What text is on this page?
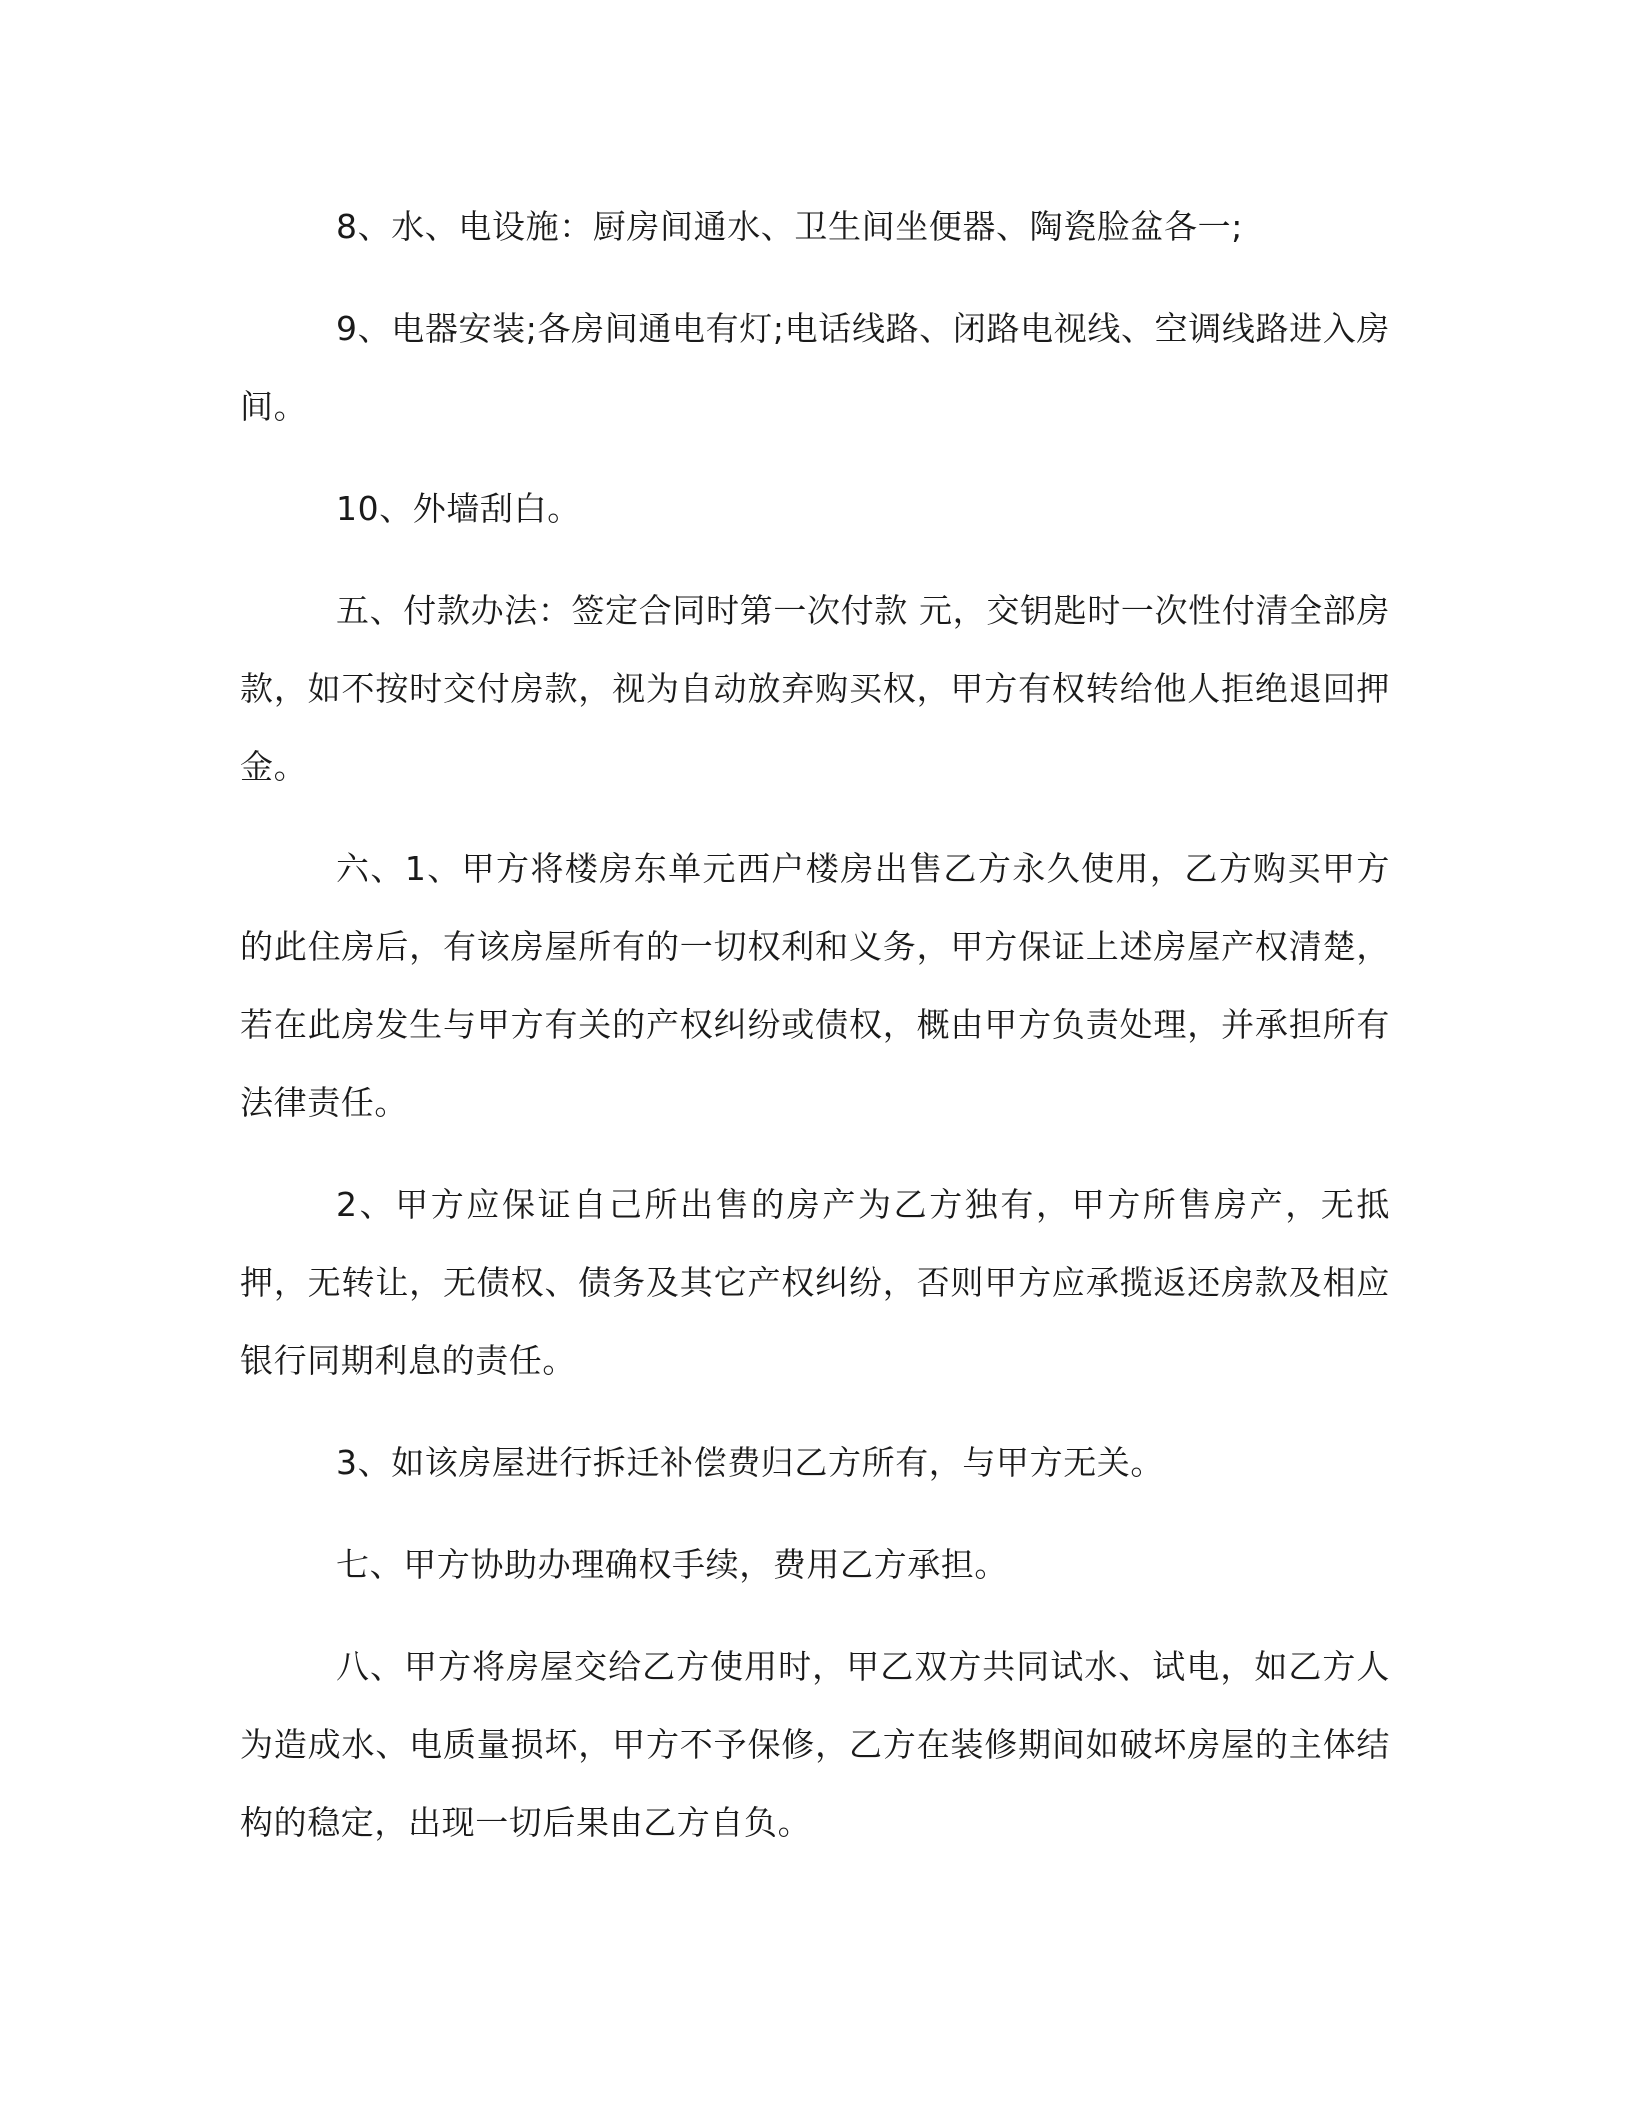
8、水、电设施：厨房间通水、卫生间坐便器、陶瓷脸盆各一;

9、电器安装;各房间通电有灯;电话线路、闭路电视线、空调线路进入房间。

10、外墙刮白。

五、付款办法：签定合同时第一次付款 元，交钥匙时一次性付清全部房款，如不按时交付房款，视为自动放弃购买权，甲方有权转给他人拒绝退回押金。

六、1、甲方将楼房东单元西户楼房出售乙方永久使用，乙方购买甲方的此住房后，有该房屋所有的一切权利和义务，甲方保证上述房屋产权清楚，若在此房发生与甲方有关的产权纠纷或债权，概由甲方负责处理，并承担所有法律责任。

2、甲方应保证自己所出售的房产为乙方独有，甲方所售房产，无抵押，无转让，无债权、债务及其它产权纠纷，否则甲方应承揽返还房款及相应银行同期利息的责任。

3、如该房屋进行拆迁补偿费归乙方所有，与甲方无关。

七、甲方协助办理确权手续，费用乙方承担。

八、甲方将房屋交给乙方使用时，甲乙双方共同试水、试电，如乙方人为造成水、电质量损坏，甲方不予保修，乙方在装修期间如破坏房屋的主体结构的稳定，出现一切后果由乙方自负。
